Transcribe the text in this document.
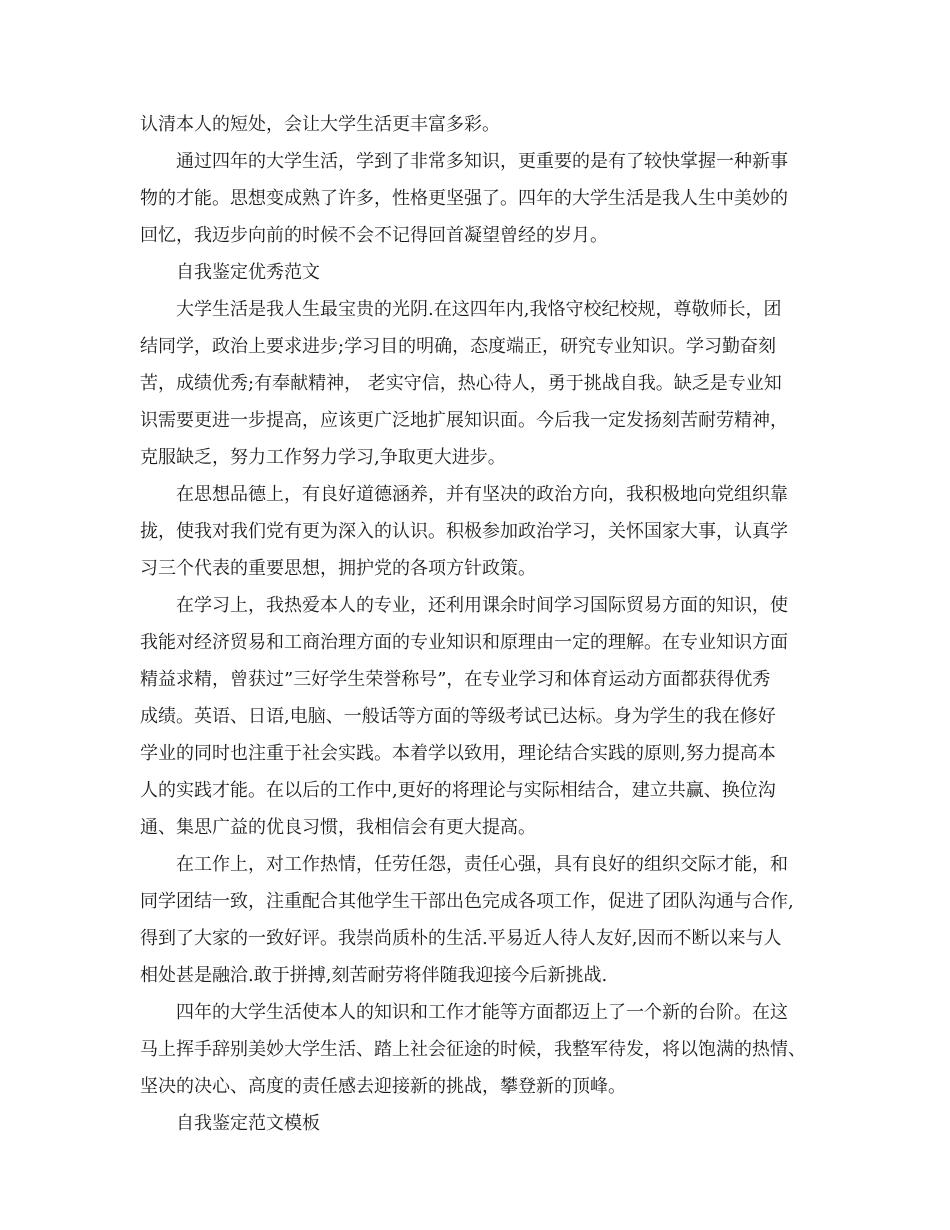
认清本人的短处，会让大学生活更丰富多彩。
通过四年的大学生活，学到了非常多知识，更重要的是有了较快掌握一种新事
物的才能。思想变成熟了许多，性格更坚强了。四年的大学生活是我人生中美妙的
回忆，我迈步向前的时候不会不记得回首凝望曾经的岁月。
自我鉴定优秀范文
大学生活是我人生最宝贵的光阴.在这四年内,我恪守校纪校规，尊敬师长，团
结同学，政治上要求进步;学习目的明确，态度端正，研究专业知识。学习勤奋刻
苦，成绩优秀;有奉献精神， 老实守信，热心待人，勇于挑战自我。缺乏是专业知
识需要更进一步提高，应该更广泛地扩展知识面。今后我一定发扬刻苦耐劳精神，
克服缺乏，努力工作努力学习,争取更大进步。
在思想品德上，有良好道德涵养，并有坚决的政治方向，我积极地向党组织靠
拢，使我对我们党有更为深入的认识。积极参加政治学习，关怀国家大事，认真学
习三个代表的重要思想，拥护党的各项方针政策。
在学习上，我热爱本人的专业，还利用课余时间学习国际贸易方面的知识，使
我能对经济贸易和工商治理方面的专业知识和原理由一定的理解。在专业知识方面
精益求精，曾获过”三好学生荣誉称号”，在专业学习和体育运动方面都获得优秀
成绩。英语、日语,电脑、一般话等方面的等级考试已达标。身为学生的我在修好
学业的同时也注重于社会实践。本着学以致用，理论结合实践的原则,努力提高本
人的实践才能。在以后的工作中,更好的将理论与实际相结合，建立共赢、换位沟
通、集思广益的优良习惯，我相信会有更大提高。
在工作上，对工作热情，任劳任怨，责任心强，具有良好的组织交际才能，和
同学团结一致，注重配合其他学生干部出色完成各项工作，促进了团队沟通与合作,
得到了大家的一致好评。我崇尚质朴的生活.平易近人待人友好,因而不断以来与人
相处甚是融洽.敢于拼搏,刻苦耐劳将伴随我迎接今后新挑战.
四年的大学生活使本人的知识和工作才能等方面都迈上了一个新的台阶。在这
马上挥手辞别美妙大学生活、踏上社会征途的时候，我整军待发，将以饱满的热情、
坚决的决心、高度的责任感去迎接新的挑战，攀登新的顶峰。
自我鉴定范文模板
